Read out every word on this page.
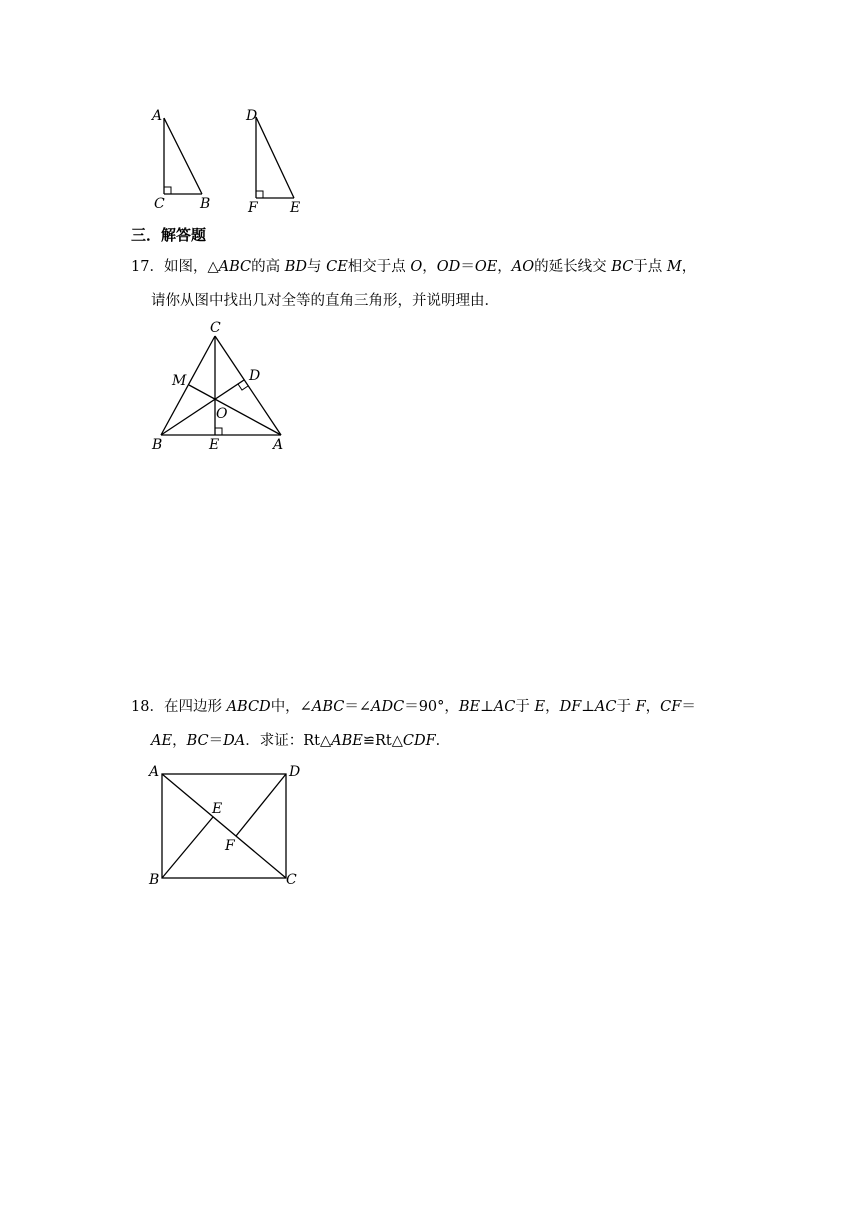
A
C	B
D
F E
三．解答题
17．如图，△ABC的高 BD与 CE相交于点 O，OD＝OE，AO的延长线交 BC于点 M，
请你从图中找出几对全等的直角三角形，并说明理由．
C
M	D
O
B	E	A
18．在四边形 ABCD中，∠ABC＝∠ADC＝90°，BE⊥AC于 E，DF⊥AC于 F，CF＝
AE，BC＝DA．求证：Rt△ABE≌Rt△CDF．
A	D
E
F
B	C
